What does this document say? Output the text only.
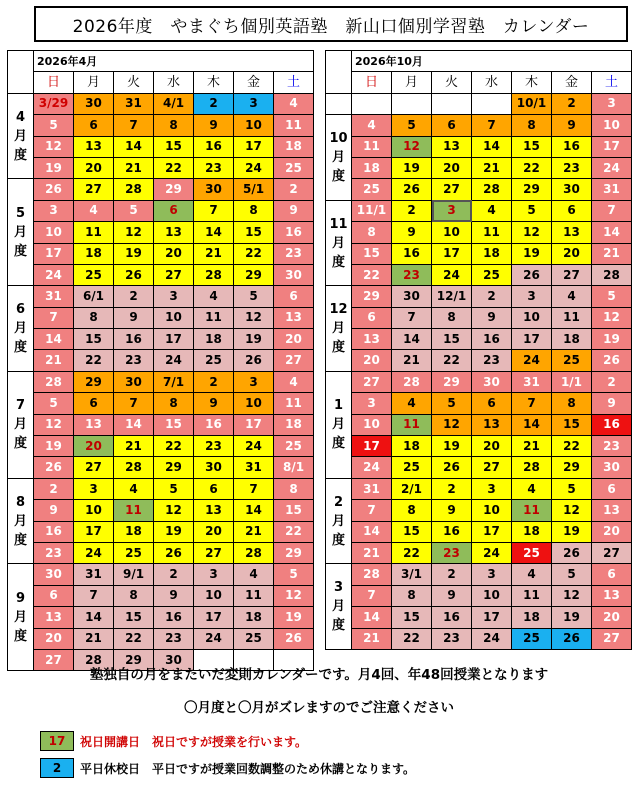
2026年度　やまぐち個別英語塾　新山口個別学習塾　カレンダー
	2026年4月						
	日	月	火	水	木	金	土

4
月
度	3/29	30	31	4/1	2	3	4
	5	6	7	8	9	10	11
	12	13	14	15	16	17	18
	19	20	21	22	23	24	25

5
月
度	26	27	28	29	30	5/1	2
	3	4	5	6	7	8	9
	10	11	12	13	14	15	16
	17	18	19	20	21	22	23
	24	25	26	27	28	29	30

6
月
度	31	6/1	2	3	4	5	6
	7	8	9	10	11	12	13
	14	15	16	17	18	19	20
	21	22	23	24	25	26	27

7
月
度	28	29	30	7/1	2	3	4
	5	6	7	8	9	10	11
	12	13	14	15	16	17	18
	19	20	21	22	23	24	25
	26	27	28	29	30	31	8/1

8
月
度	2	3	4	5	6	7	8
	9	10	11	12	13	14	15
	16	17	18	19	20	21	22
	23	24	25	26	27	28	29

9
月
度	30	31	9/1	2	3	4	5
	6	7	8	9	10	11	12
	13	14	15	16	17	18	19
	20	21	22	23	24	25	26
	27	28	29	30			
	2026年10月						
	日	月	火	水	木	金	土
					10/1	2	3

10
月
度	4	5	6	7	8	9	10
	11	12	13	14	15	16	17
	18	19	20	21	22	23	24
	25	26	27	28	29	30	31

11
月
度	11/1	2	3	4	5	6	7
	8	9	10	11	12	13	14
	15	16	17	18	19	20	21
	22	23	24	25	26	27	28

12
月
度	29	30	12/1	2	3	4	5
	6	7	8	9	10	11	12
	13	14	15	16	17	18	19
	20	21	22	23	24	25	26

1
月
度	27	28	29	30	31	1/1	2
	3	4	5	6	7	8	9
	10	11	12	13	14	15	16
	17	18	19	20	21	22	23
	24	25	26	27	28	29	30

2
月
度	31	2/1	2	3	4	5	6
	7	8	9	10	11	12	13
	14	15	16	17	18	19	20
	21	22	23	24	25	26	27

3
月
度	28	3/1	2	3	4	5	6
	7	8	9	10	11	12	13
	14	15	16	17	18	19	20
	21	22	23	24	25	26	27
塾独自の月をまたいだ変則カレンダーです。月4回、年48回授業となります
〇月度と〇月がズレますのでご注意ください
17 祝日開講日　祝日ですが授業を行います。
2 平日休校日　平日ですが授業回数調整のため休講となります。
